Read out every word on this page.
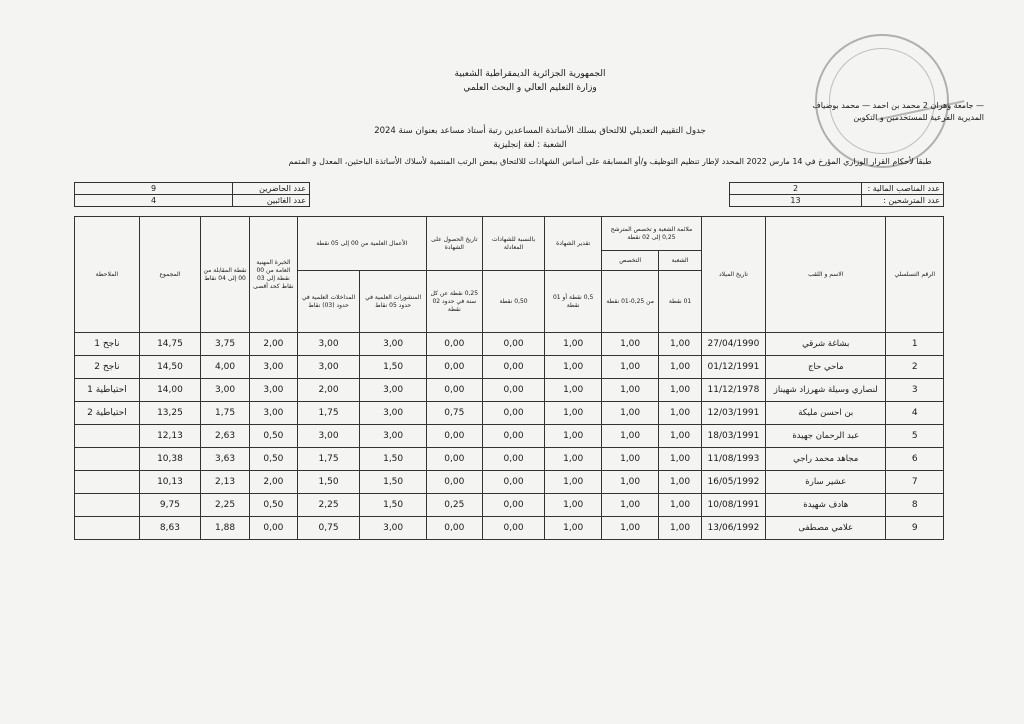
الجمهورية الجزائرية الديمقراطية الشعبية
وزارة التعليم العالي و البحث العلمي
جامعة وهران 2 محمد بن احمد — محمد بوضياف —
المديرية الفرعية للمستخدمين و التكوين
جدول التقييم التعديلي للالتحاق بسلك الأساتذة المساعدين رتبة أستاذ مساعد بعنوان سنة 2024
الشعبة : لغة إنجليزية
طبقا لأحكام القرار الوزاري المؤرخ في 14 مارس 2022 المحدد لإطار تنظيم التوظيف و/أو المسابقة على أساس الشهادات للالتحاق ببعض الرتب المنتمية لأسلاك الأساتذة الباحثين، المعدل و المتمم
عدد المناصب المالية :	2
عدد المترشحين :	13
عدد الحاضرين	9
عدد الغائبين	4
الرقم التسلسلي	الاسم و اللقب	تاريخ الميلاد	ملائمة الشعبة و تخصص المترشح 0,25 إلى 02 نقطة		تقدير الشهادة	بالنسبة للشهادات المعادلة	تاريخ الحصول على الشهادة	الأعمال العلمية من 00 إلى 05 نقطة		الخبرة المهنية العامة من 00 نقطة إلى 03 نقاط كحد أقصى	نقطة المقابلة من 00 إلى 04 نقاط	المجموع	الملاحظة
			الشعبة	التخصص									
			01 نقطة	من 0,25-01 نقطة	0,5 نقطة أو 01 نقطة	0,50 نقطة	0,25 نقطة عن كل سنة في حدود 02 نقطة	المنشورات العلمية في حدود 05 نقاط	المداخلات العلمية في حدود (03) نقاط				
1	بشاغة شرقي	27/04/1990	1,00	1,00	1,00	0,00	0,00	3,00	3,00	2,00	3,75	14,75	ناجح 1
2	ماحي حاج	01/12/1991	1,00	1,00	1,00	0,00	0,00	1,50	3,00	3,00	4,00	14,50	ناجح 2
3	لنصاري وسيلة شهرزاد شهيناز	11/12/1978	1,00	1,00	1,00	0,00	0,00	3,00	2,00	3,00	3,00	14,00	احتياطية 1
4	بن احسن مليكة	12/03/1991	1,00	1,00	1,00	0,00	0,75	3,00	1,75	3,00	1,75	13,25	احتياطية 2
5	عبد الرحمان جهيدة	18/03/1991	1,00	1,00	1,00	0,00	0,00	3,00	3,00	0,50	2,63	12,13	
6	مجاهد محمد راجي	11/08/1993	1,00	1,00	1,00	0,00	0,00	1,50	1,75	0,50	3,63	10,38	
7	عشير سارة	16/05/1992	1,00	1,00	1,00	0,00	0,00	1,50	1,50	2,00	2,13	10,13	
8	هادف شهيدة	10/08/1991	1,00	1,00	1,00	0,00	0,25	1,50	2,25	0,50	2,25	9,75	
9	علامي مصطفى	13/06/1992	1,00	1,00	1,00	0,00	0,00	3,00	0,75	0,00	1,88	8,63	
